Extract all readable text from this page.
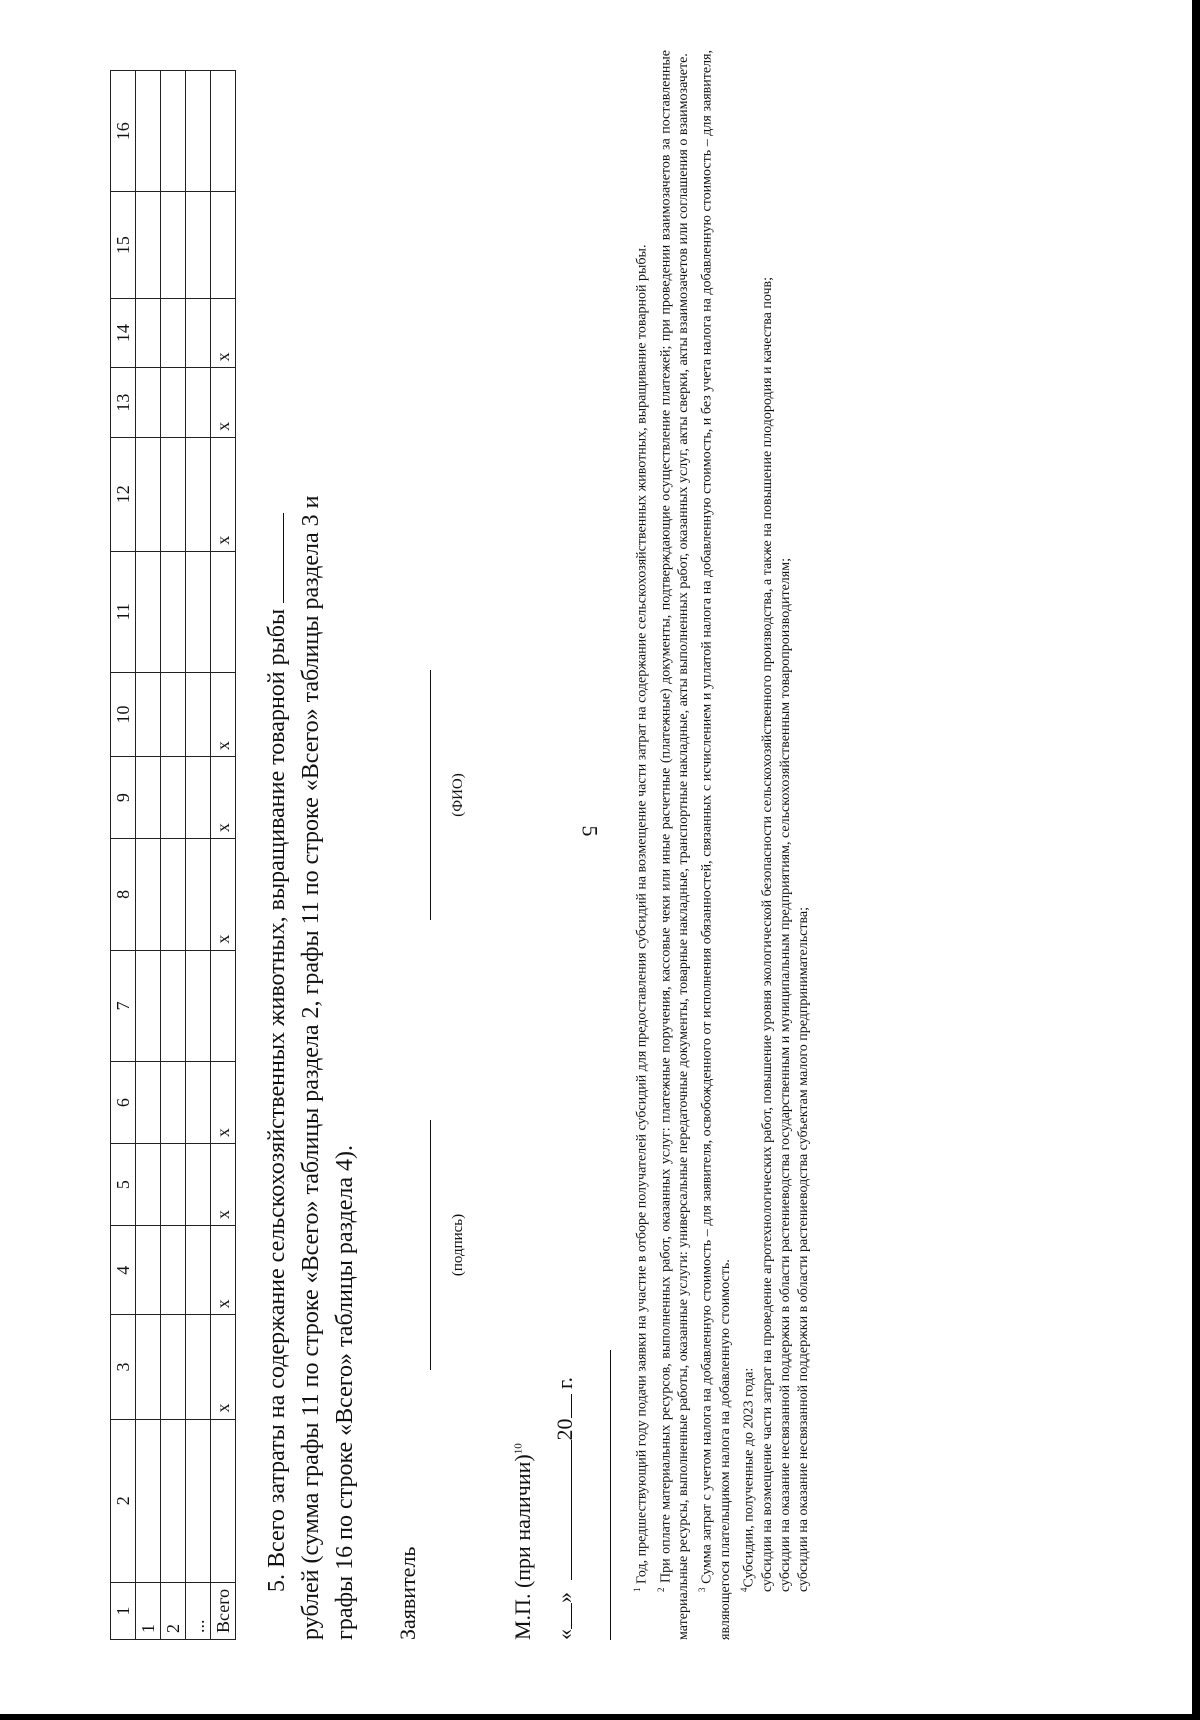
5
1	2	3	4	5	6	7	8	9	10	11	12	13	14	15	16
1															
2															
...															
Всего		х	х	х	х		х	х	х		х	х	х		
5. Всего затраты на содержание сельскохозяйственных животных, выращивание товарной рыбы рублей (сумма графы 11 по строке «Всего» таблицы раздела 2, графы 11 по строке «Всего» таблицы раздела 3 и графы 16 по строке «Всего» таблицы раздела 4). Заявитель
(подпись)
(ФИО)
М.П. (при наличии)$^{10}$
«» 20 г.

$^1$ Год, предшествующий году подачи заявки на участие в отборе получателей субсидий для предоставления субсидий на возмещение части затрат на содержание сельскохозяйственных животных, выращивание товарной рыбы.

$^2$ При оплате материальных ресурсов, выполненных работ, оказанных услуг: платежные поручения, кассовые чеки или иные расчетные (платежные) документы, подтверждающие осуществление платежей; при проведении взаимозачетов за поставленные материальные ресурсы, выполненные работы, оказанные услуги: универсальные передаточные документы, товарные накладные, транспортные накладные, акты выполненных работ, оказанных услуг, акты сверки, акты взаимозачетов или соглашения о взаимозачете. $^3$ Сумма затрат с учетом налога на добавленную стоимость – для заявителя, освобожденного от исполнения обязанностей, связанных с исчислением и уплатой налога на добавленную стоимость, и без учета налога на добавленную стоимость – для заявителя, являющегося плательщиком налога на добавленную стоимость. $^4$Субсидии, полученные до 2023 года: субсидии на возмещение части затрат на проведение агротехнологических работ, повышение уровня экологической безопасности сельскохозяйственного производства, а также на повышение плодородия и качества почв; субсидии на оказание несвязанной поддержки в области растениеводства государственным и муниципальным предприятиям, сельскохозяйственным товаропроизводителям; субсидии на оказание несвязанной поддержки в области растениеводства субъектам малого предпринимательства;
